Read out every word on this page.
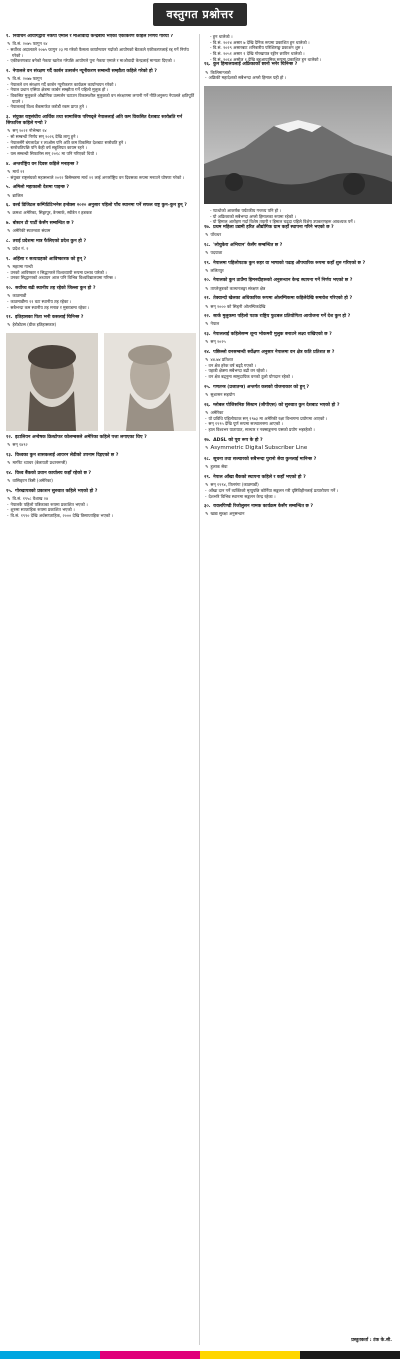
वस्तुगत प्रश्नोत्तर
१. निर्वाचन आयोगद्वारा नेकपा एमाले र माओवादी केन्द्रबीच भएको एकीकरण कहिले निर्णय गरियो ?
✎ वि.सं. २०७५ फागुन २४
- सर्वोच्च अदालतले २०७५ फागुन २३ मा गरेको फैसला कार्यान्वयन गर्दाको आयोगको बैठकले एकीकरणलाई रद्द गर्ने निर्णय गरेको ।
- एकीकरणबाट बनेको नेकपा खारेज गरेपछि आयोगले पुनः नेकपा एमाले र माओवादी केन्द्रलाई मान्यता दिएको ।
२. नेपालले वन संरक्षण गर्दै कार्बन उत्सर्जन न्यूनीकरण सम्बन्धी सम्झौता कहिले गरेको हो ?
✎ वि.सं. २०७७ फागुन
- नेपालले वन संरक्षण गर्दै कार्बन न्यूनीकरण कार्यक्रम कार्यान्वयन गरेको ।
- नेपाल प्रधान एसिया क्षेत्रमा कार्बन सम्झौता गर्ने पहिलो मुलुक हो ।
- विकसित मुलुकले औद्योगिक उत्सर्जन घटाउन विकासशील मुलुकको वन संरक्षणमा लगानी गर्ने नीतिअनुरूप नेपालले क्षतिपूर्ति पाउने ।
- नेपाललाई विश्व बैंकमार्फत करोडौं रकम प्राप्त हुने ।
३. संयुक्त राष्ट्रसंघीय आर्थिक तथा सामाजिक परिषद्‌ले नेपाललाई अति कम विकसित देशबाट स्तरोन्नति गर्न सिफारिस कहिले गर्‍यो ?
✎ सन् २०२१ नोभेम्बर २४
- सो सम्बन्धी निर्णय सन् २०२६ देखि लागू हुने ।
- नेपालसँगै बंगलादेश र लाओस पनि अति कम विकसित देशबाट स्तरोन्नति हुने ।
- स्तरोन्नतिपछि पनि केही वर्ष सहुलियत कायम रहने ।
- यस सम्बन्धी सिफारिस सन् २०१८ मा पनि गरिएको थियो ।
४. अन्तर्राष्ट्रिय वन दिवस कहिले मनाइन्छ ?
✎ मार्च २१
- संयुक्त राष्ट्रसंघको महासभाले २०१२ डिसेम्बरमा मार्च २१ लाई अन्तर्राष्ट्रिय वन दिवसका रूपमा मनाउने घोषणा गरेको ।
५. अमिलो महाकाली देशमा पाइन्छ ?
✎ ब्राजिल
६. वर्ल्ड डिजिटल कम्पिटिटिभनेस इन्डेक्स २०२० अनुसार पहिलो पाँच स्थानमा पर्ने सफल राष्ट्र कुन–कुन हुन् ?
✎ क्रमशः अमेरिका, सिङ्गापुर, डेनमार्क, स्वीडेन र हङकङ
७. बोस्टन टी पार्टी केसँग सम्बन्धित छ ?
✎ अमेरिकी स्वतन्त्रता संग्राम
८. तराई प्रदेशमा मात्र फैलिएको प्रदेश कुन हो ?
✎ प्रदेश नं. २
९. अहिंसा र सत्याग्रहको आविष्कारक को हुन् ?
✎ महात्मा गान्धी
- उनको आविष्कार र सिद्धान्तले विश्वव्यापी रूपमा प्रभाव पारेको ।
- उनका सिद्धान्तको अध्ययन आज पनि विभिन्न विश्वविद्यालयमा गरिन्छ ।
१०. सर्वोच्च बढी स्थानीय तह रहेको जिल्ला कुन हो ?
✎ काठमाडौं
- काठमाडौंमा ११ वटा स्थानीय तह रहेका ।
- सबैभन्दा कम स्थानीय तह मनाङ र मुस्ताङमा रहेका ।
११. इतिहासका पिता भनी कसलाई चिनिन्छ ?
✎ हेरोडोटस (ग्रीक इतिहासकार)
१२. इटालियन अन्वेषक क्रिस्टोफर कोलम्बसले अमेरिका कहिले पत्ता लगाएका थिए ?
✎ सन् १४९२
१३. विश्वका कुन शासकलाई आयरन लेडीको उपनाम दिइएको छ ?
✎ मार्गरेट थ्याचर (बेलायती प्रधानमन्त्री)
१४. विश्व बैंकको प्रधान कार्यालय कहाँ रहेको छ ?
✎ वासिङ्टन डिसी (अमेरिका)
१५. गोरखापत्रको प्रकाशन सुरुवात कहिले भएको हो ?
✎ वि.सं. १९५८ वैशाख २४
- नेपालकै पहिलो पत्रिकाका रूपमा प्रकाशित भएको ।
- शुरुमा साप्ताहिक रूपमा प्रकाशित भएको ।
- वि.सं. १९९० देखि अर्धसाप्ताहिक, २००० देखि त्रिसाप्ताहिक भएको ।
- हुन थालेको ।
- वि.सं. २०२४ असार ७ देखि दैनिक रूपमा प्रकाशित हुन थालेको ।
- वि.सं. २०२९ असारबाट शनिबारीय परिशिष्टाङ्क प्रकाशन शुरु ।
- वि.सं. २०५१ असार १ देखि गोरखापत्र रङ्गीन छापिन थालेको ।
- वि.सं. २०६४ असोज १ देखि बहुआयामिक रूपमा प्रकाशित हुन थालेको ।
१६. कुन हिमालयलाई अफ्रिकाको छानो भनेर चिनिन्छ ?
✎ किलिमान्जारो
- अफ्रिकी महादेशको सबैभन्दा अग्लो हिमाल यही हो ।
- प्याथोको आकर्षक पर्यटकीय गन्तव्य पनि हो ।
- यो अफ्रिकाको सबैभन्दा अग्लो हिमालका रूपमा रहेको ।
- यो हिमाल आरोहण गर्दा विशेष तयारी र हिमाल चढ्दा पहिले विशेष उपकरणहरू आवश्यक पर्ने ।
१७. प्रथम महिला उद्यमी हरित औद्योगिक ग्राम कहाँ स्थापना गरिने भएको छ ?
✎ पाँचथर
१८. 'लोचुकेरा अभियान' केसँग सम्बन्धित छ ?
✎ पदयात्रा
१९. नेपालमा पहिलोपटक कुन सहर वा भाषाको पढाइ औपचारिक रूपमा कहाँ शुरु गरिएको छ ?
✎ ललितपुर
२०. नेपालको कुन ठाउँमा हिमनदीहरूको अनुसन्धान केन्द्र स्थापना गर्ने निर्णय भएको छ ?
✎ ताप्लेजुङको कञ्चनजङ्घा संरक्षण क्षेत्र
२१. तेक्वान्दो खेलका अधिकारिक रूपमा ओलम्पिकमा कहिलेदेखि समावेश गरिएको हो ?
✎ सन् २००० को सिड्नी ओलम्पिकदेखि
२२. सार्क मुलुकमा पहिलो पटक राष्ट्रिय फुटबल प्रतियोगिता आयोजना गर्ने देश कुन हो ?
✎ नेपाल
२३. नेपाललाई कहिलेसम्म शून्य भोकमरी मुलुक बनाउने लक्ष्य राखिएको छ ?
✎ सन् २०२५
२४. पछिल्लो वनसम्बन्धी सर्वेक्षण अनुसार नेपालमा वन क्षेत्र कति प्रतिशत छ ?
✎ ४४.७४ प्रतिशत
- वन क्षेत्र हरेक वर्ष बढ्दै गएको ।
- पहाडी क्षेत्रमा सबैभन्दा बढी वन रहेको ।
- वन क्षेत्र बढ्नुमा सामुदायिक वनको ठूलो योगदान रहेको ।
२५. गणतन्त्र (प्रजातन्त्र) अन्तर्गत कसको योजनाकार को हुन् ?
✎ सुशासन सहयोग
२६. ग्लोबल पोजिसनिङ सिस्टम (जीपीएस) को सुरुवात कुन देशबाट भएको हो ?
✎ अमेरिका
- यो प्रविधि पहिलोपटक सन् १९७३ मा अमेरिकी रक्षा विभागमा प्रयोगमा आएको ।
- सन् १९९५ देखि पूर्ण रूपमा सञ्चालनमा आएको ।
- हाल विश्वभर यातायात, सञ्चार र नक्साङ्कनमा यसको प्रयोग भइरहेको ।
२७. ADSL को पूरा रूप के हो ?
✎ Asymmetric Digital Subscriber Line
२८. सूचना तथा सञ्चारको सबैभन्दा पुरानो सेवा कुनलाई मानिन्छ ?
✎ हुलाक सेवा
२९. नेपाल आँखा बैंकको स्थापना कहिले र कहाँ भएको हो ?
✎ सन् १९९४, तिलगंगा (काठमाडौं)
- आँखा दान गर्ने व्यक्तिको मृत्युपछि कोर्निया सङ्कलन गरी दृष्टिविहीनलाई प्रत्यारोपण गर्ने ।
- देशभरि विभिन्न स्थानमा सङ्कलन केन्द्र रहेका ।
३०. रावलपिण्डी रिजोलुसन नामक कार्यक्रम केसँग सम्बन्धित छ ?
✎ खाद्य सुरक्षा अनुसन्धान
प्रस्तुतकर्ता : टंक के.सी.
